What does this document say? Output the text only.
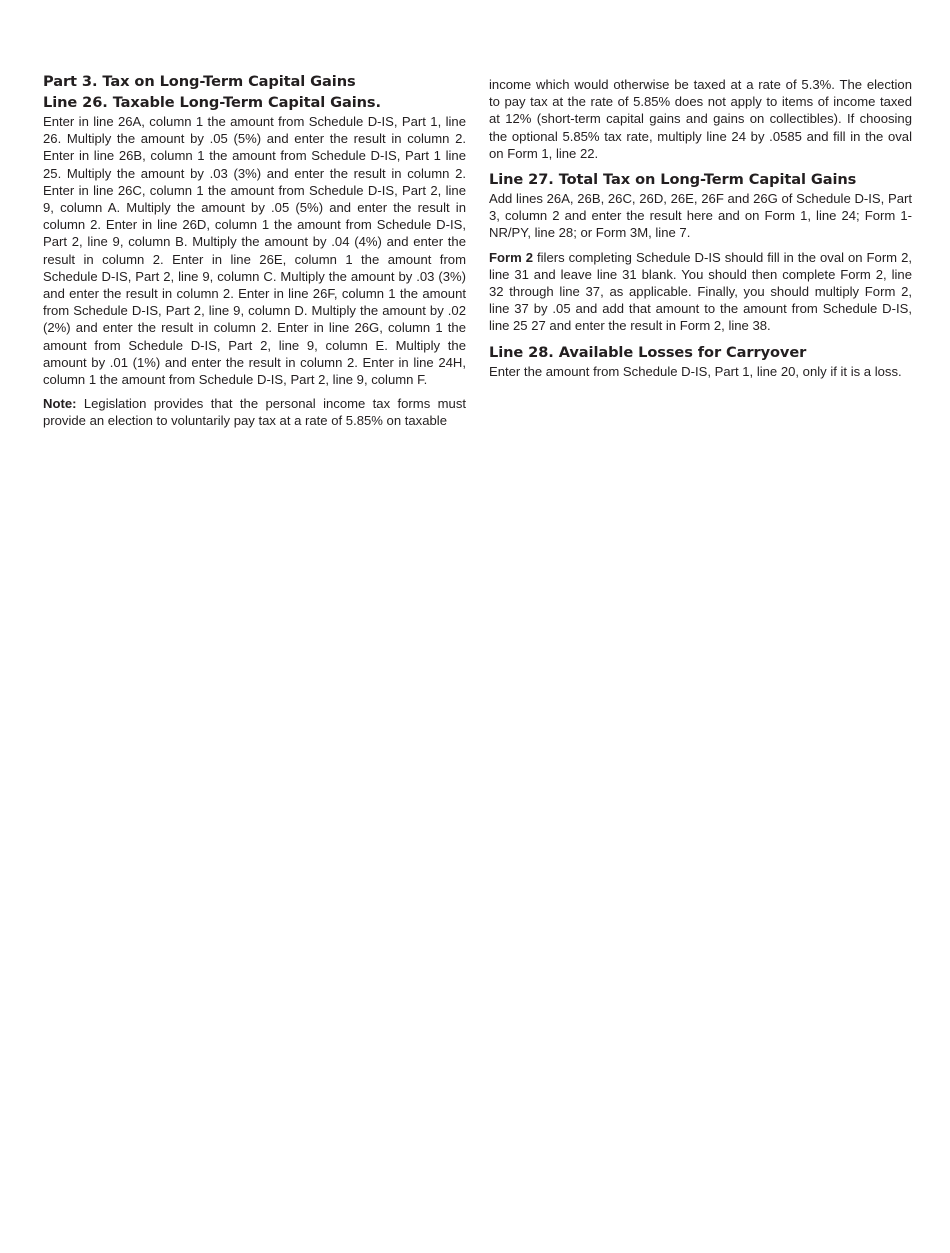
Part 3. Tax on Long-Term Capital Gains
Line 26. Taxable Long-Term Capital Gains.

Enter in line 26A, column 1 the amount from Schedule D-IS, Part 1, line 26. Multiply the amount by .05 (5%) and enter the result in column 2. Enter in line 26B, column 1 the amount from Schedule D-IS, Part 1 line 25. Multiply the amount by .03 (3%) and enter the result in column 2. Enter in line 26C, column 1 the amount from Schedule D-IS, Part 2, line 9, column A. Multiply the amount by .05 (5%) and enter the result in column 2. Enter in line 26D, column 1 the amount from Schedule D-IS, Part 2, line 9, column B. Multiply the amount by .04 (4%) and enter the result in column 2. Enter in line 26E, column 1 the amount from Schedule D-IS, Part 2, line 9, column C. Multiply the amount by .03 (3%) and enter the result in column 2. Enter in line 26F, column 1 the amount from Schedule D-IS, Part 2, line 9, column D. Multiply the amount by .02 (2%) and enter the result in column 2. Enter in line 26G, column 1 the amount from Schedule D-IS, Part 2, line 9, column E. Multiply the amount by .01 (1%) and enter the result in column 2. Enter in line 24H, column 1 the amount from Schedule D-IS, Part 2, line 9, column F.

Note: Legislation provides that the personal income tax forms must provide an election to voluntarily pay tax at a rate of 5.85% on taxable

income which would otherwise be taxed at a rate of 5.3%. The election to pay tax at the rate of 5.85% does not apply to items of income taxed at 12% (short-term capital gains and gains on collectibles). If choosing the optional 5.85% tax rate, multiply line 24 by .0585 and fill in the oval on Form 1, line 22.

Line 27. Total Tax on Long-Term Capital Gains

Add lines 26A, 26B, 26C, 26D, 26E, 26F and 26G of Schedule D-IS, Part 3, column 2 and enter the result here and on Form 1, line 24; Form 1-NR/PY, line 28; or Form 3M, line 7.

Form 2 filers completing Schedule D-IS should fill in the oval on Form 2, line 31 and leave line 31 blank. You should then complete Form 2, line 32 through line 37, as applicable. Finally, you should multiply Form 2, line 37 by .05 and add that amount to the amount from Schedule D-IS, line 25 27 and enter the result in Form 2, line 38.

Line 28. Available Losses for Carryover

Enter the amount from Schedule D-IS, Part 1, line 20, only if it is a loss.
